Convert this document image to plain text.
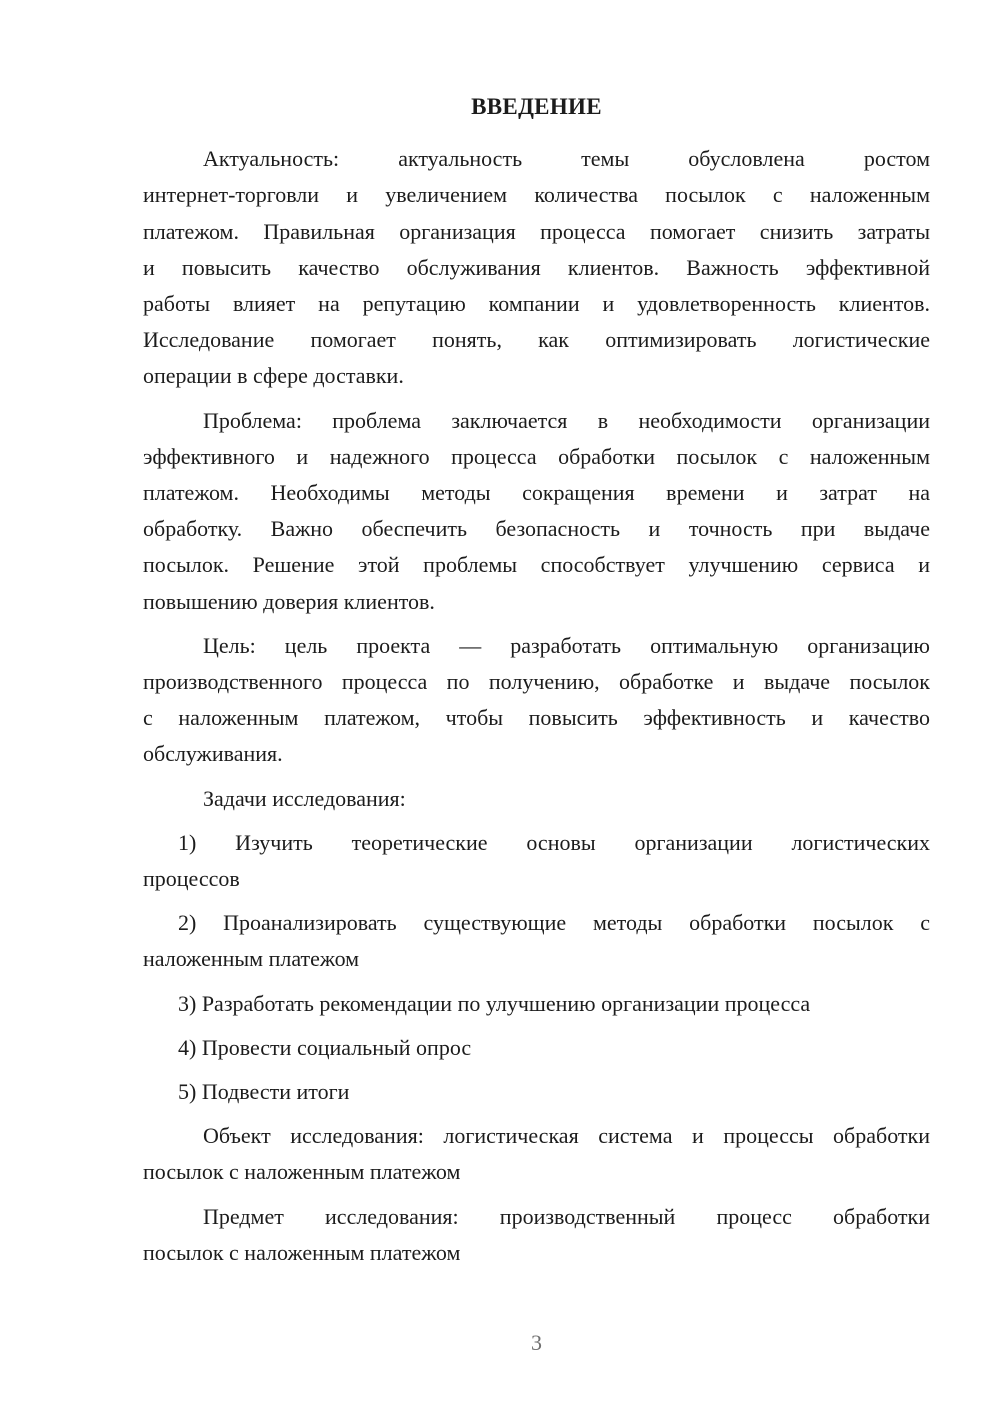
ВВЕДЕНИЕ
Актуальность: актуальность темы обусловлена ростом
интернет-торговли и увеличением количества посылок с наложенным
платежом. Правильная организация процесса помогает снизить затраты
и повысить качество обслуживания клиентов. Важность эффективной
работы влияет на репутацию компании и удовлетворенность клиентов.
Исследование помогает понять, как оптимизировать логистические
операции в сфере доставки.
Проблема: проблема заключается в необходимости организации
эффективного и надежного процесса обработки посылок с наложенным
платежом. Необходимы методы сокращения времени и затрат на
обработку. Важно обеспечить безопасность и точность при выдаче
посылок. Решение этой проблемы способствует улучшению сервиса и
повышению доверия клиентов.
Цель: цель проекта — разработать оптимальную организацию
производственного процесса по получению, обработке и выдаче посылок
с наложенным платежом, чтобы повысить эффективность и качество
обслуживания.
Задачи исследования:
1) Изучить теоретические основы организации логистических
процессов
2) Проанализировать существующие методы обработки посылок с
наложенным платежом
3) Разработать рекомендации по улучшению организации процесса
4) Провести социальный опрос
5) Подвести итоги
Объект исследования: логистическая система и процессы обработки
посылок с наложенным платежом
Предмет исследования: производственный процесс обработки
посылок с наложенным платежом
3
